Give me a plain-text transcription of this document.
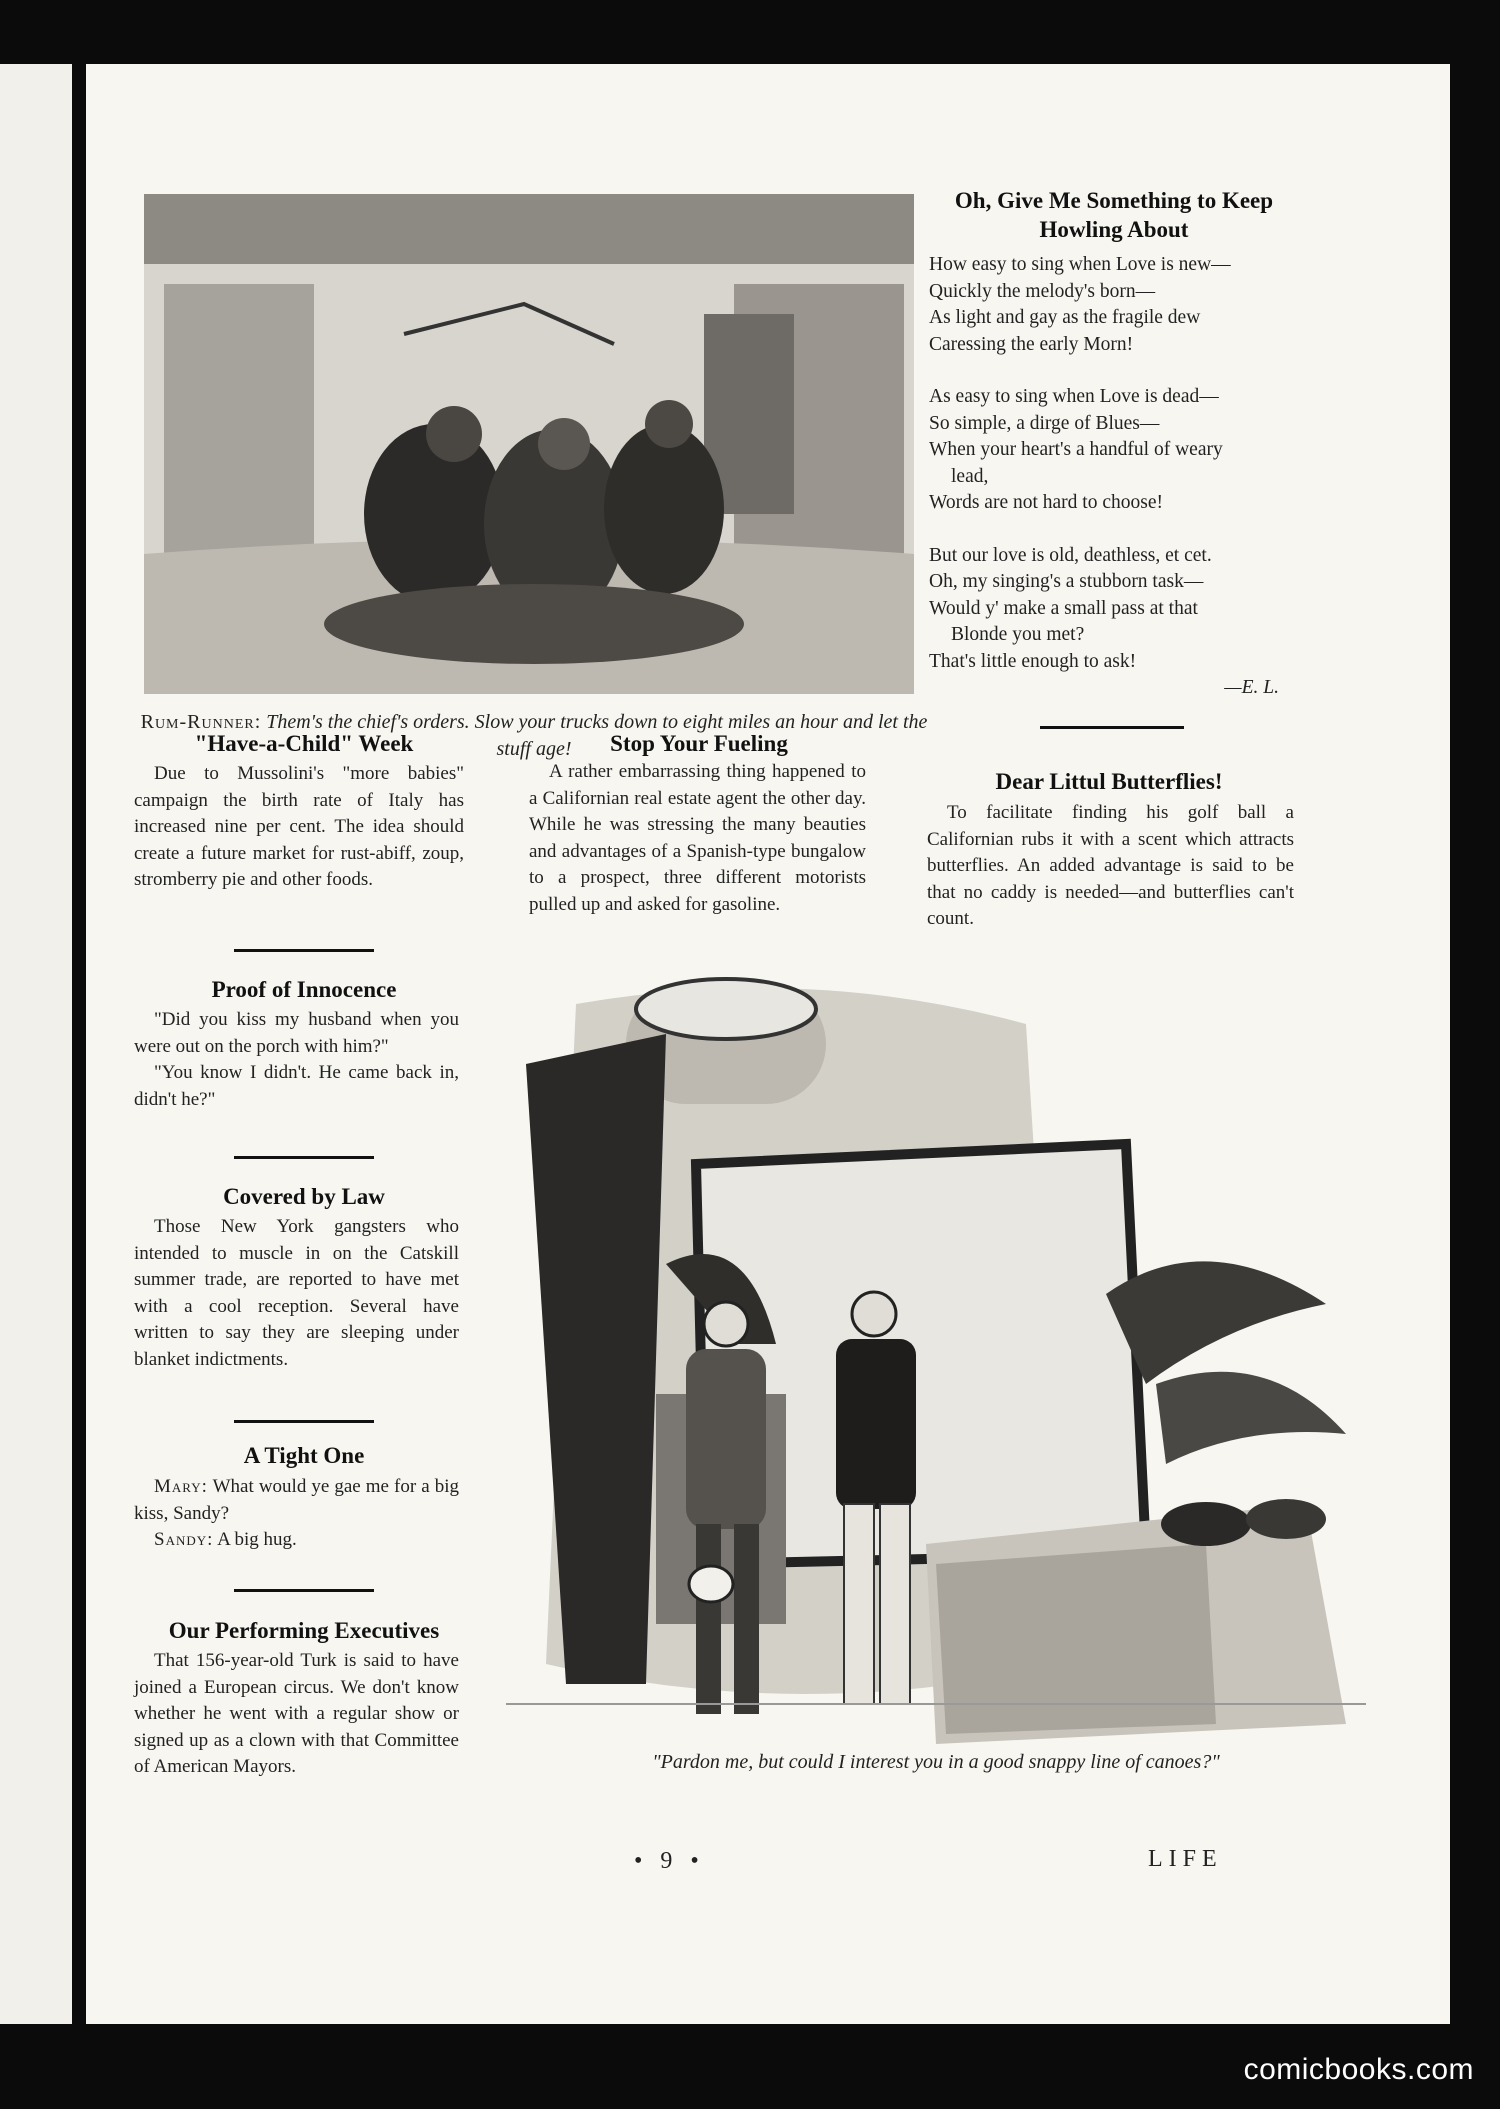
Rum-Runner: Them's the chief's orders. Slow your trucks down to eight miles an hour and let the stuff age!
Oh, Give Me Something to Keep Howling About
How easy to sing when Love is new—
Quickly the melody's born—
As light and gay as the fragile dew
Caressing the early Morn!
As easy to sing when Love is dead—
So simple, a dirge of Blues—
When your heart's a handful of weary
lead,
Words are not hard to choose!
But our love is old, deathless, et cet.
Oh, my singing's a stubborn task—
Would y' make a small pass at that
Blonde you met?
That's little enough to ask!
—E. L.
"Have-a-Child" Week

Due to Mussolini's "more babies" campaign the birth rate of Italy has increased nine per cent. The idea should create a future market for rust-abiff, zoup, stromberry pie and other foods.

Stop Your Fueling

A rather embarrassing thing happened to a Californian real estate agent the other day. While he was stressing the many beauties and advantages of a Spanish-type bungalow to a prospect, three different motorists pulled up and asked for gasoline.

Dear Littul Butterflies!

To facilitate finding his golf ball a Californian rubs it with a scent which attracts butterflies. An added advantage is said to be that no caddy is needed—and butterflies can't count.

Proof of Innocence

"Did you kiss my husband when you were out on the porch with him?"

"You know I didn't. He came back in, didn't he?"

Covered by Law

Those New York gangsters who intended to muscle in on the Catskill summer trade, are reported to have met with a cool reception. Several have written to say they are sleeping under blanket indictments.

A Tight One

Mary: What would ye gae me for a big kiss, Sandy?

Sandy: A big hug.

Our Performing Executives

That 156-year-old Turk is said to have joined a European circus. We don't know whether he went with a regular show or signed up as a clown with that Committee of American Mayors.	"Pardon me, but could I interest you in a good snappy line of canoes?"
• 9 •	LIFE
comicbooks.com
